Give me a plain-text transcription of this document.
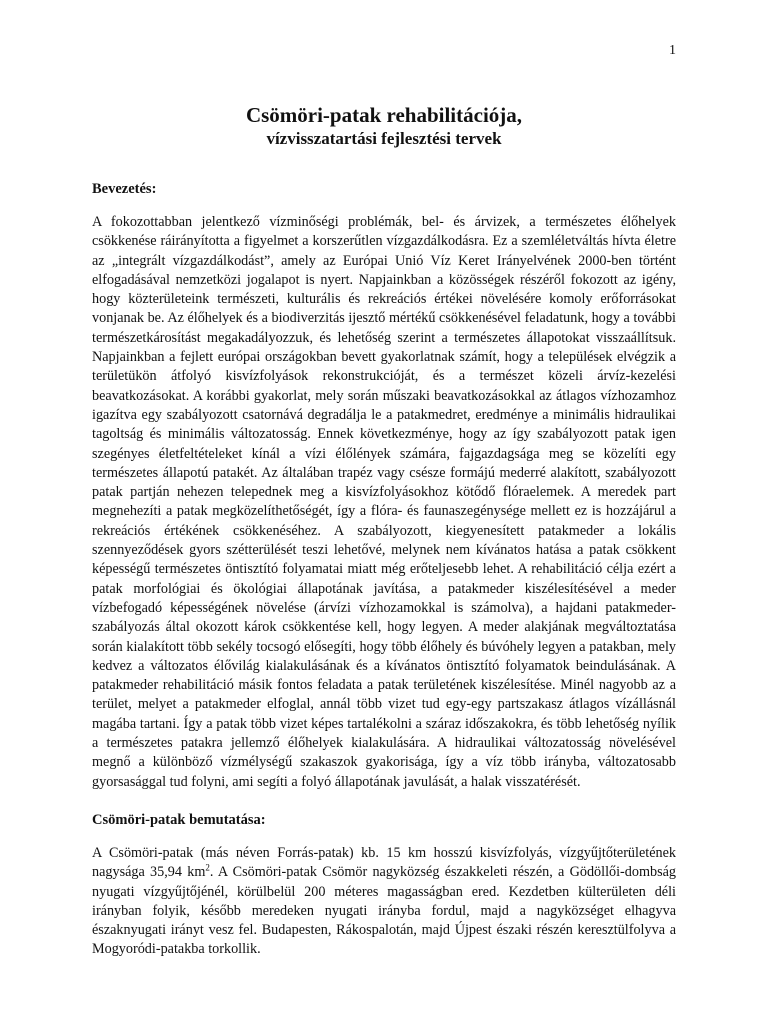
1
Csömöri-patak rehabilitációja,
vízvisszatartási fejlesztési tervek
Bevezetés:

A fokozottabban jelentkező vízminőségi problémák, bel- és árvizek, a természetes élőhelyek csökkenése ráirányította a figyelmet a korszerűtlen vízgazdálkodásra. Ez a szemléletváltás hívta életre az „integrált vízgazdálkodást”, amely az Európai Unió Víz Keret Irányelvének 2000-ben történt elfogadásával nemzetközi jogalapot is nyert. Napjainkban a közösségek részéről fokozott az igény, hogy közterületeink természeti, kulturális és rekreációs értékei növelésére komoly erőforrásokat vonjanak be. Az élőhelyek és a biodiverzitás ijesztő mértékű csökkenésével feladatunk, hogy a további természetkárosítást megakadályozzuk, és lehetőség szerint a természetes állapotokat visszaállítsuk. Napjainkban a fejlett európai országokban bevett gyakorlatnak számít, hogy a települések elvégzik a területükön átfolyó kisvízfolyások rekonstrukcióját, és a természet közeli árvíz-kezelési beavatkozásokat. A korábbi gyakorlat, mely során műszaki beavatkozásokkal az átlagos vízhozamhoz igazítva egy szabályozott csatornává degradálja le a patakmedret, eredménye a minimális hidraulikai tagoltság és minimális változatosság. Ennek következménye, hogy az így szabályozott patak igen szegényes életfeltételeket kínál a vízi élőlények számára, fajgazdagsága meg se közelíti egy természetes állapotú patakét. Az általában trapéz vagy csésze formájú mederré alakított, szabályozott patak partján nehezen telepednek meg a kisvízfolyásokhoz kötődő flóraelemek. A meredek part megnehezíti a patak megközelíthetőségét, így a flóra- és faunaszegénysége mellett ez is hozzájárul a rekreációs értékének csökkenéséhez. A szabályozott, kiegyenesített patakmeder a lokális szennyeződések gyors szétterülését teszi lehetővé, melynek nem kívánatos hatása a patak csökkent képességű természetes öntisztító folyamatai miatt még erőteljesebb lehet. A rehabilitáció célja ezért a patak morfológiai és ökológiai állapotának javítása, a patakmeder kiszélesítésével a meder vízbefogadó képességének növelése (árvízi vízhozamokkal is számolva), a hajdani patakmeder-szabályozás által okozott károk csökkentése kell, hogy legyen. A meder alakjának megváltoztatása során kialakított több sekély tocsogó elősegíti, hogy több élőhely és búvóhely legyen a patakban, mely kedvez a változatos élővilág kialakulásának és a kívánatos öntisztító folyamatok beindulásának. A patakmeder rehabilitáció másik fontos feladata a patak területének kiszélesítése. Minél nagyobb az a terület, melyet a patakmeder elfoglal, annál több vizet tud egy-egy partszakasz átlagos vízállásnál magába tartani. Így a patak több vizet képes tartalékolni a száraz időszakokra, és több lehetőség nyílik a természetes patakra jellemző élőhelyek kialakulására. A hidraulikai változatosság növelésével megnő a különböző vízmélységű szakaszok gyakorisága, így a víz több irányba, változatosabb gyorsasággal tud folyni, ami segíti a folyó állapotának javulását, a halak visszatérését.

Csömöri-patak bemutatása:

A Csömöri-patak (más néven Forrás-patak) kb. 15 km hosszú kisvízfolyás, vízgyűjtőterületének nagysága 35,94 $km^2$. A Csömöri-patak Csömör nagyközség északkeleti részén, a Gödöllői-dombság nyugati vízgyűjtőjénél, körülbelül 200 méteres magasságban ered. Kezdetben külterületen déli irányban folyik, később meredeken nyugati irányba fordul, majd a nagyközséget elhagyva északnyugati irányt vesz fel. Budapesten, Rákospalotán, majd Újpest északi részén keresztülfolyva a Mogyoródi-patakba torkollik.
